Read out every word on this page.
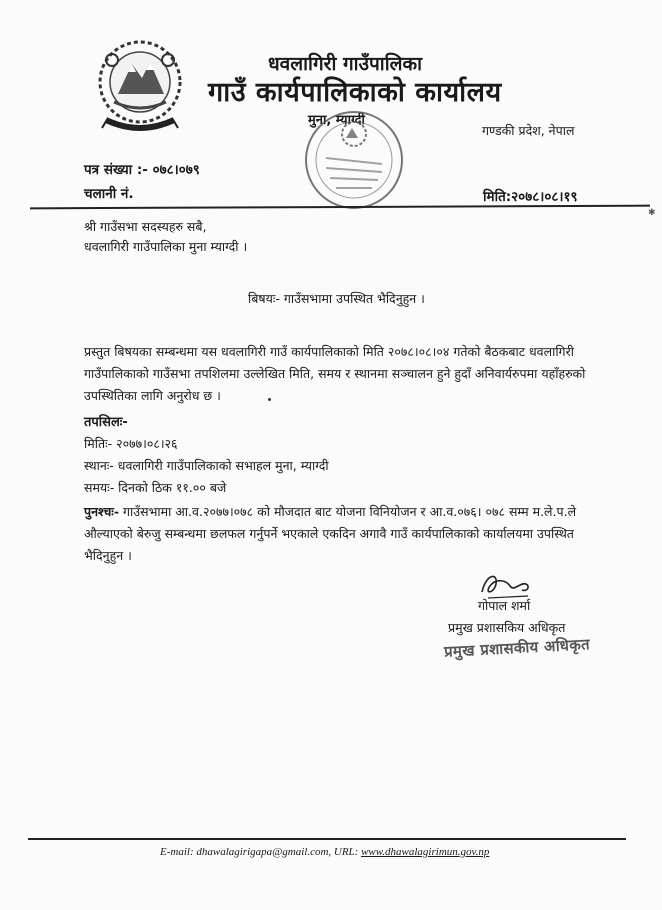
धवलागिरी गाउँपालिका
गाउँ कार्यपालिकाको कार्यालय
मुना, म्याग्दी
गण्डकी प्रदेश, नेपाल
पत्र संख्या :- ०७८।०७९
चलानी नं.	मिति:२०७८।०८।१९
✱
श्री गाउँसभा सदस्यहरु सबै,
धवलागिरी गाउँपालिका मुना म्याग्दी ।
बिषयः- गाउँसभामा उपस्थित भैदिनुहुन ।
प्रस्तुत बिषयका सम्बन्धमा यस धवलागिरी गाउँ कार्यपालिकाको मिति २०७८।०८।०४ गतेको बैठकबाट धवलागिरी गाउँपालिकाको गाउँसभा तपशिलमा उल्लेखित मिति, समय र स्थानमा सञ्चालन हुने हुदाँ अनिवार्यरुपमा यहाँहरुको उपस्थितिका लागि अनुरोध छ ।
तपसिलः-
मितिः- २०७७।०८।२६
स्थानः- धवलागिरी गाउँपालिकाको सभाहल मुना, म्याग्दी
समयः- दिनको ठिक ११.०० बजे
पुनश्चः- गाउँसभामा आ.व.२०७७।०७८ को मौजदात बाट योजना विनियोजन र आ.व.०७६। ०७८ सम्म म.ले.प.ले औल्याएको बेरुजु सम्बन्धमा छलफल गर्नुपर्ने भएकाले एकदिन अगावै गाउँ कार्यपालिकाको कार्यालयमा उपस्थित भैदिनुहुन ।
गोपाल शर्मा
प्रमुख प्रशासकिय अधिकृत
प्रमुख प्रशासकीय अधिकृत
E-mail: dhawalagirigapa@gmail.com, URL: www.dhawalagirimun.gov.np
